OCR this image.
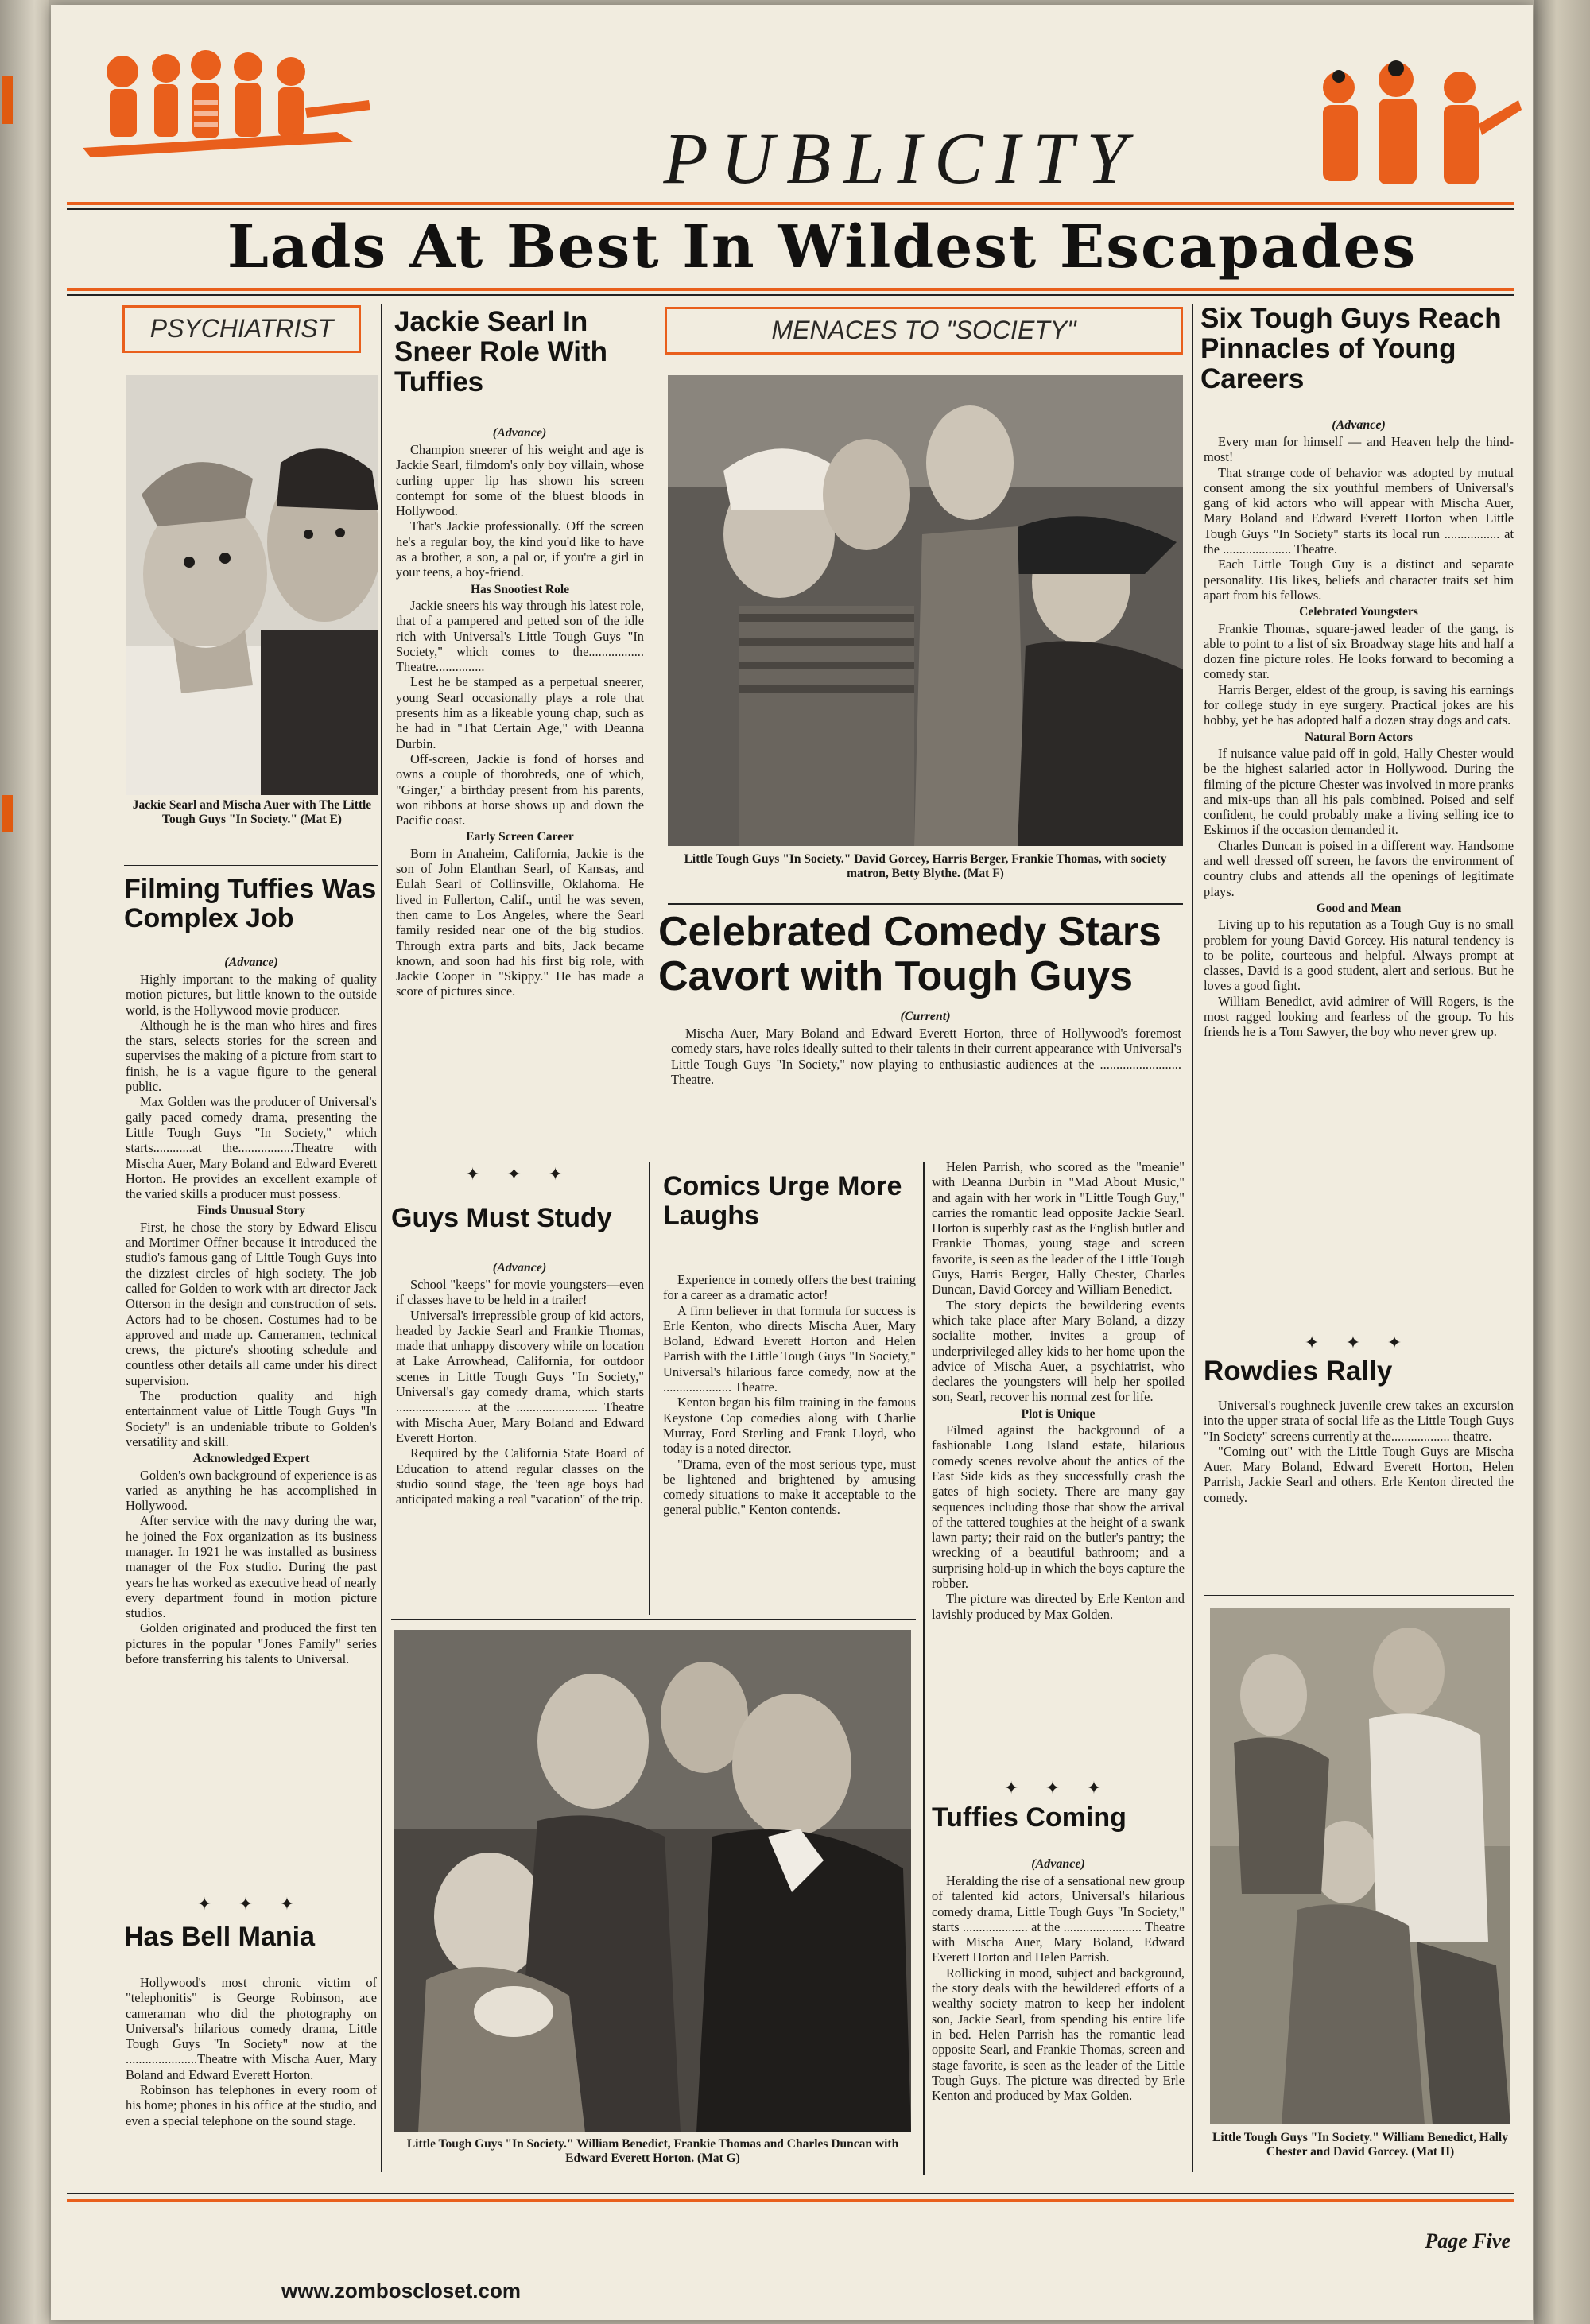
PUBLICITY
Lads At Best In Wildest Escapades
PSYCHIATRIST
Jackie Searl and Mischa Auer with The Little Tough Guys "In Society." (Mat E)
Filming Tuffies Was Complex Job
(Advance)

Highly important to the making of quality motion pictures, but little known to the outside world, is the Hollywood movie producer.

Although he is the man who hires and fires the stars, selects stories for the screen and supervises the making of a picture from start to finish, he is a vague figure to the general public.

Max Golden was the producer of Universal's gaily paced comedy drama, presenting the Little Tough Guys "In Society," which starts............at the.................Theatre with Mischa Auer, Mary Boland and Edward Everett Horton. He provides an excellent example of the varied skills a producer must possess.

Finds Unusual Story

First, he chose the story by Edward Eliscu and Mortimer Offner because it introduced the studio's famous gang of Little Tough Guys into the dizziest circles of high society. The job called for Golden to work with art director Jack Otterson in the design and construction of sets. Actors had to be chosen. Costumes had to be approved and made up. Cameramen, technical crews, the picture's shooting schedule and countless other details all came under his direct supervision.

The production quality and high entertainment value of Little Tough Guys "In Society" is an undeniable tribute to Golden's versatility and skill.

Acknowledged Expert

Golden's own background of experience is as varied as anything he has accomplished in Hollywood.

After service with the navy during the war, he joined the Fox organization as its business manager. In 1921 he was installed as business manager of the Fox studio. During the past years he has worked as executive head of nearly every department found in motion picture studios.

Golden originated and produced the first ten pictures in the popular "Jones Family" series before transferring his talents to Universal.

✦ ✦ ✦
Has Bell Mania

Hollywood's most chronic victim of "telephonitis" is George Robinson, ace cameraman who did the photography on Universal's hilarious comedy drama, Little Tough Guys "In Society" now at the ......................Theatre with Mischa Auer, Mary Boland and Edward Everett Horton.

Robinson has telephones in every room of his home; phones in his office at the studio, and even a special telephone on the sound stage.

Jackie Searl In Sneer Role With Tuffies
(Advance)

Champion sneerer of his weight and age is Jackie Searl, filmdom's only boy villain, whose curling upper lip has shown his screen contempt for some of the bluest bloods in Hollywood.

That's Jackie professionally. Off the screen he's a regular boy, the kind you'd like to have as a brother, a son, a pal or, if you're a girl in your teens, a boy-friend.

Has Snootiest Role

Jackie sneers his way through his latest role, that of a pampered and petted son of the idle rich with Universal's Little Tough Guys "In Society," which comes to the................. Theatre...............

Lest he be stamped as a perpetual sneerer, young Searl occasionally plays a role that presents him as a likeable young chap, such as he had in "That Certain Age," with Deanna Durbin.

Off-screen, Jackie is fond of horses and owns a couple of thorobreds, one of which, "Ginger," a birthday present from his parents, won ribbons at horse shows up and down the Pacific coast.

Early Screen Career

Born in Anaheim, California, Jackie is the son of John Elanthan Searl, of Kansas, and Eulah Searl of Collinsville, Oklahoma. He lived in Fullerton, Calif., until he was seven, then came to Los Angeles, where the Searl family resided near one of the big studios. Through extra parts and bits, Jack became known, and soon had his first big role, with Jackie Cooper in "Skippy." He has made a score of pictures since.

✦ ✦ ✦
Guys Must Study
(Advance)

School "keeps" for movie youngsters—even if classes have to be held in a trailer!

Universal's irrepressible group of kid actors, headed by Jackie Searl and Frankie Thomas, made that unhappy discovery while on location at Lake Arrowhead, California, for outdoor scenes in Little Tough Guys "In Society," Universal's gay comedy drama, which starts ....................... at the ......................... Theatre with Mischa Auer, Mary Boland and Edward Everett Horton.

Required by the California State Board of Education to attend regular classes on the studio sound stage, the 'teen age boys had anticipated making a real "vacation" of the trip.

Little Tough Guys "In Society." William Benedict, Frankie Thomas and Charles Duncan with Edward Everett Horton. (Mat G)
MENACES TO "SOCIETY"
Little Tough Guys "In Society." David Gorcey, Harris Berger, Frankie Thomas, with society matron, Betty Blythe. (Mat F)
Celebrated Comedy Stars Cavort with Tough Guys
(Current)

Mischa Auer, Mary Boland and Edward Everett Horton, three of Hollywood's foremost comedy stars, have roles ideally suited to their talents in their current appearance with Universal's Little Tough Guys "In Society," now playing to enthusiastic audiences at the ......................... Theatre.

Comics Urge More Laughs

Experience in comedy offers the best training for a career as a dramatic actor!

A firm believer in that formula for success is Erle Kenton, who directs Mischa Auer, Mary Boland, Edward Everett Horton and Helen Parrish with the Little Tough Guys "In Society," Universal's hilarious farce comedy, now at the ..................... Theatre.

Kenton began his film training in the famous Keystone Cop comedies along with Charlie Murray, Ford Sterling and Frank Lloyd, who today is a noted director.

"Drama, even of the most serious type, must be lightened and brightened by amusing comedy situations to make it acceptable to the general public," Kenton contends.

Helen Parrish, who scored as the "meanie" with Deanna Durbin in "Mad About Music," and again with her work in "Little Tough Guy," carries the romantic lead opposite Jackie Searl. Horton is superbly cast as the English butler and Frankie Thomas, young stage and screen favorite, is seen as the leader of the Little Tough Guys, Harris Berger, Hally Chester, Charles Duncan, David Gorcey and William Benedict.

The story depicts the bewildering events which take place after Mary Boland, a dizzy socialite mother, invites a group of underprivileged alley kids to her home upon the advice of Mischa Auer, a psychiatrist, who declares the youngsters will help her spoiled son, Searl, recover his normal zest for life.

Plot is Unique

Filmed against the background of a fashionable Long Island estate, hilarious comedy scenes revolve about the antics of the East Side kids as they successfully crash the gates of high society. There are many gay sequences including those that show the arrival of the tattered toughies at the height of a swank lawn party; their raid on the butler's pantry; the wrecking of a beautiful bathroom; and a surprising hold-up in which the boys capture the robber.

The picture was directed by Erle Kenton and lavishly produced by Max Golden.

✦ ✦ ✦
Tuffies Coming
(Advance)

Heralding the rise of a sensational new group of talented kid actors, Universal's hilarious comedy drama, Little Tough Guys "In Society," starts .................... at the ........................ Theatre with Mischa Auer, Mary Boland, Edward Everett Horton and Helen Parrish.

Rollicking in mood, subject and background, the story deals with the bewildered efforts of a wealthy society matron to keep her indolent son, Jackie Searl, from spending his entire life in bed. Helen Parrish has the romantic lead opposite Searl, and Frankie Thomas, screen and stage favorite, is seen as the leader of the Little Tough Guys. The picture was directed by Erle Kenton and produced by Max Golden.

Six Tough Guys Reach Pinnacles of Young Careers
(Advance)

Every man for himself — and Heaven help the hind-most!

That strange code of behavior was adopted by mutual consent among the six youthful members of Universal's gang of kid actors who will appear with Mischa Auer, Mary Boland and Edward Everett Horton when Little Tough Guys "In Society" starts its local run ................. at the ..................... Theatre.

Each Little Tough Guy is a distinct and separate personality. His likes, beliefs and character traits set him apart from his fellows.

Celebrated Youngsters

Frankie Thomas, square-jawed leader of the gang, is able to point to a list of six Broadway stage hits and half a dozen fine picture roles. He looks forward to becoming a comedy star.

Harris Berger, eldest of the group, is saving his earnings for college study in eye surgery. Practical jokes are his hobby, yet he has adopted half a dozen stray dogs and cats.

Natural Born Actors

If nuisance value paid off in gold, Hally Chester would be the highest salaried actor in Hollywood. During the filming of the picture Chester was involved in more pranks and mix-ups than all his pals combined. Poised and self confident, he could probably make a living selling ice to Eskimos if the occasion demanded it.

Charles Duncan is poised in a different way. Handsome and well dressed off screen, he favors the environment of country clubs and attends all the openings of legitimate plays.

Good and Mean

Living up to his reputation as a Tough Guy is no small problem for young David Gorcey. His natural tendency is to be polite, courteous and helpful. Always prompt at classes, David is a good student, alert and serious. But he loves a good fight.

William Benedict, avid admirer of Will Rogers, is the most ragged looking and fearless of the group. To his friends he is a Tom Sawyer, the boy who never grew up.

✦ ✦ ✦
Rowdies Rally

Universal's roughneck juvenile crew takes an excursion into the upper strata of social life as the Little Tough Guys "In Society" screens currently at the.................. theatre.

"Coming out" with the Little Tough Guys are Mischa Auer, Mary Boland, Edward Everett Horton, Helen Parrish, Jackie Searl and others. Erle Kenton directed the comedy.

Little Tough Guys "In Society." William Benedict, Hally Chester and David Gorcey. (Mat H)
Page Five
www.zomboscloset.com
